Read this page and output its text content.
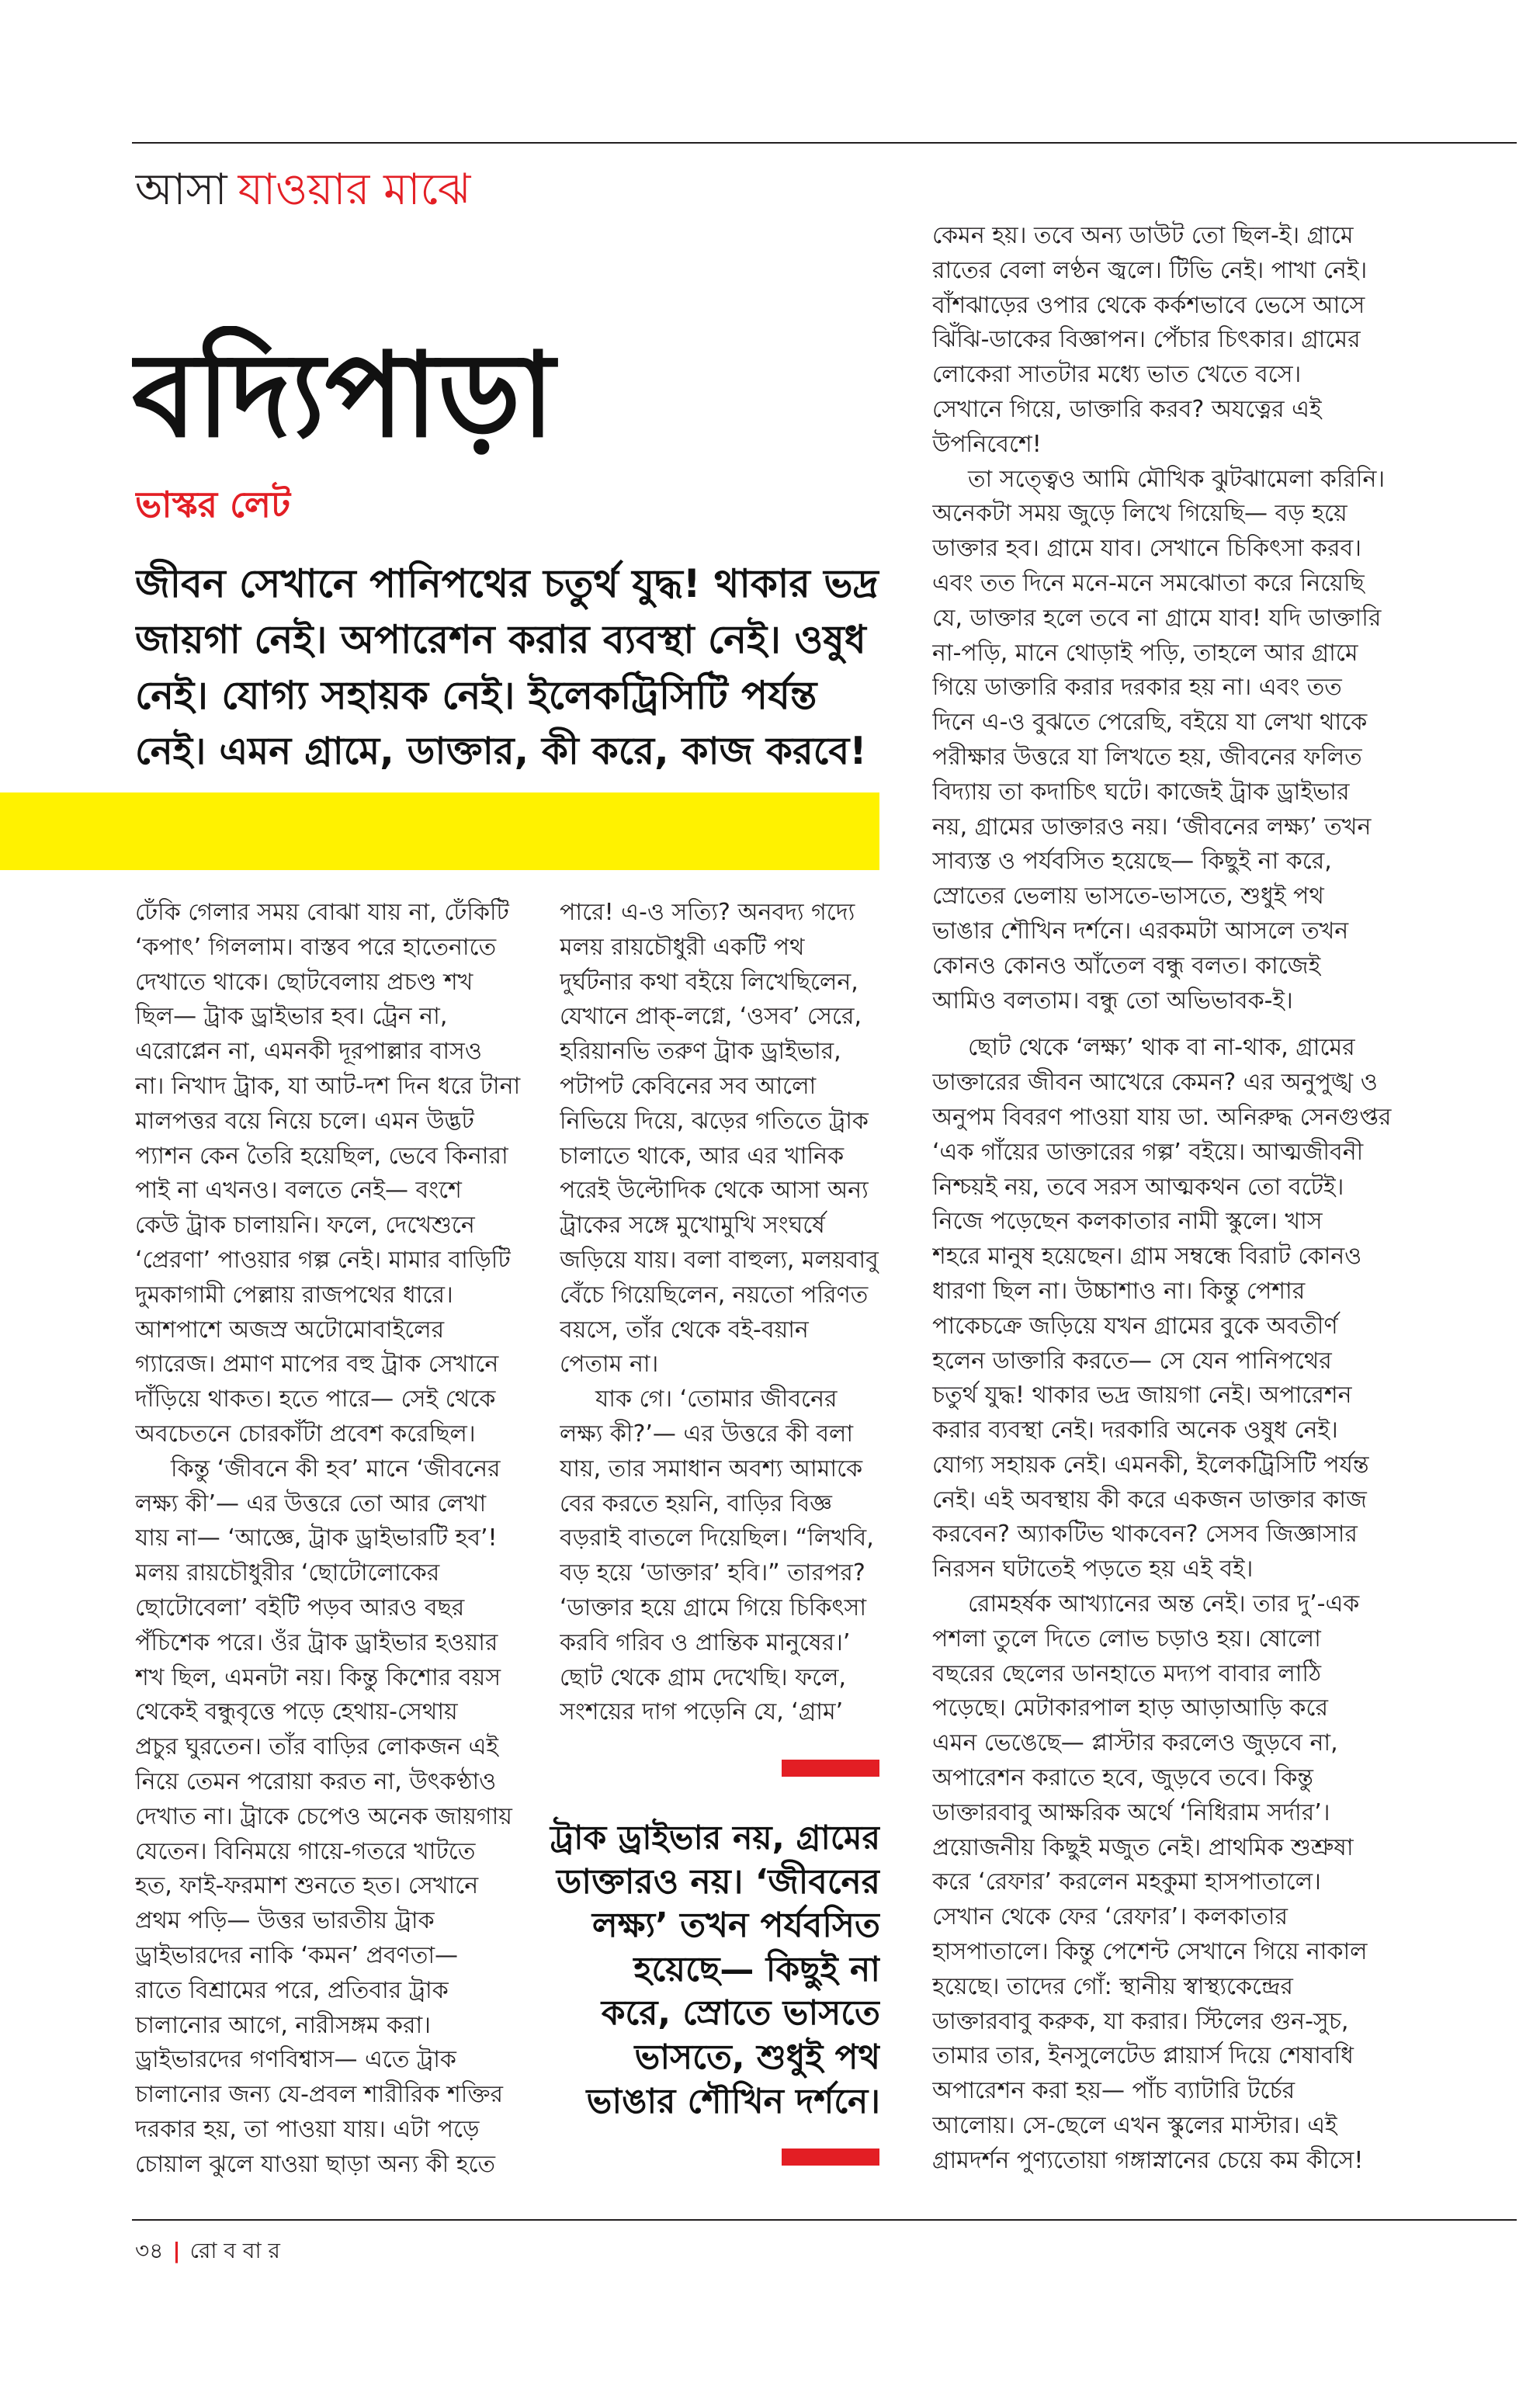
আসা যাওয়ার মাঝে
বদ্যিপাড়া
ভাস্কর লেট
জীবন সেখানে পানিপথের চতুর্থ যুদ্ধ! থাকার ভদ্র
জায়গা নেই। অপারেশন করার ব্যবস্থা নেই। ওষুধ
নেই। যোগ্য সহায়ক নেই। ইলেকট্রিসিটি পর্যন্ত
নেই। এমন গ্রামে, ডাক্তার, কী করে, কাজ করবে!
ঢেঁকি গেলার সময় বোঝা যায় না, ঢেঁকিটি
‘কপাৎ’ গিললাম। বাস্তব পরে হাতেনাতে
দেখাতে থাকে। ছোটবেলায় প্রচণ্ড শখ
ছিল— ট্রাক ড্রাইভার হব। ট্রেন না,
এরোপ্লেন না, এমনকী দূরপাল্লার বাসও
না। নিখাদ ট্রাক, যা আট-দশ দিন ধরে টানা
মালপত্তর বয়ে নিয়ে চলে। এমন উদ্ভট
প্যাশন কেন তৈরি হয়েছিল, ভেবে কিনারা
পাই না এখনও। বলতে নেই— বংশে
কেউ ট্রাক চালায়নি। ফলে, দেখেশুনে
‘প্রেরণা’ পাওয়ার গল্প নেই। মামার বাড়িটি
দুমকাগামী পেল্লায় রাজপথের ধারে।
আশপাশে অজস্র অটোমোবাইলের
গ্যারেজ। প্রমাণ মাপের বহু ট্রাক সেখানে
দাঁড়িয়ে থাকত। হতে পারে— সেই থেকে
অবচেতনে চোরকাঁটা প্রবেশ করেছিল।
কিন্তু ‘জীবনে কী হব’ মানে ‘জীবনের
লক্ষ্য কী’— এর উত্তরে তো আর লেখা
যায় না— ‘আজ্ঞে, ট্রাক ড্রাইভারটি হব’!
মলয় রায়চৌধুরীর ‘ছোটোলোকের
ছোটোবেলা’ বইটি পড়ব আরও বছর
পঁচিশেক পরে। ওঁর ট্রাক ড্রাইভার হওয়ার
শখ ছিল, এমনটা নয়। কিন্তু কিশোর বয়স
থেকেই বন্ধুবৃত্তে পড়ে হেথায়-সেথায়
প্রচুর ঘুরতেন। তাঁর বাড়ির লোকজন এই
নিয়ে তেমন পরোয়া করত না, উৎকণ্ঠাও
দেখাত না। ট্রাকে চেপেও অনেক জায়গায়
যেতেন। বিনিময়ে গায়ে-গতরে খাটতে
হত, ফাই-ফরমাশ শুনতে হত। সেখানে
প্রথম পড়ি— উত্তর ভারতীয় ট্রাক
ড্রাইভারদের নাকি ‘কমন’ প্রবণতা—
রাতে বিশ্রামের পরে, প্রতিবার ট্রাক
চালানোর আগে, নারীসঙ্গম করা।
ড্রাইভারদের গণবিশ্বাস— এতে ট্রাক
চালানোর জন্য যে-প্রবল শারীরিক শক্তির
দরকার হয়, তা পাওয়া যায়। এটা পড়ে
চোয়াল ঝুলে যাওয়া ছাড়া অন্য কী হতে
পারে! এ-ও সত্যি? অনবদ্য গদ্যে
মলয় রায়চৌধুরী একটি পথ
দুর্ঘটনার কথা বইয়ে লিখেছিলেন,
যেখানে প্রাক্-লগ্নে, ‘ওসব’ সেরে,
হরিয়ানভি তরুণ ট্রাক ড্রাইভার,
পটাপট কেবিনের সব আলো
নিভিয়ে দিয়ে, ঝড়ের গতিতে ট্রাক
চালাতে থাকে, আর এর খানিক
পরেই উল্টোদিক থেকে আসা অন্য
ট্রাকের সঙ্গে মুখোমুখি সংঘর্ষে
জড়িয়ে যায়। বলা বাহুল্য, মলয়বাবু
বেঁচে গিয়েছিলেন, নয়তো পরিণত
বয়সে, তাঁর থেকে বই-বয়ান
পেতাম না।
যাক গে। ‘তোমার জীবনের
লক্ষ্য কী?’— এর উত্তরে কী বলা
যায়, তার সমাধান অবশ্য আমাকে
বের করতে হয়নি, বাড়ির বিজ্ঞ
বড়রাই বাতলে দিয়েছিল। “লিখবি,
বড় হয়ে ‘ডাক্তার’ হবি।” তারপর?
‘ডাক্তার হয়ে গ্রামে গিয়ে চিকিৎসা
করবি গরিব ও প্রান্তিক মানুষের।’
ছোট থেকে গ্রাম দেখেছি। ফলে,
সংশয়ের দাগ পড়েনি যে, ‘গ্রাম’
কেমন হয়। তবে অন্য ডাউট তো ছিল-ই। গ্রামে
রাতের বেলা লণ্ঠন জ্বলে। টিভি নেই। পাখা নেই।
বাঁশঝাড়ের ওপার থেকে কর্কশভাবে ভেসে আসে
ঝিঁঝি-ডাকের বিজ্ঞাপন। পেঁচার চিৎকার। গ্রামের
লোকেরা সাতটার মধ্যে ভাত খেতে বসে।
সেখানে গিয়ে, ডাক্তারি করব? অযত্নের এই
উপনিবেশে!
তা সত্ত্বেও আমি মৌখিক ঝুটঝামেলা করিনি।
অনেকটা সময় জুড়ে লিখে গিয়েছি— বড় হয়ে
ডাক্তার হব। গ্রামে যাব। সেখানে চিকিৎসা করব।
এবং তত দিনে মনে-মনে সমঝোতা করে নিয়েছি
যে, ডাক্তার হলে তবে না গ্রামে যাব! যদি ডাক্তারি
না-পড়ি, মানে থোড়াই পড়ি, তাহলে আর গ্রামে
গিয়ে ডাক্তারি করার দরকার হয় না। এবং তত
দিনে এ-ও বুঝতে পেরেছি, বইয়ে যা লেখা থাকে
পরীক্ষার উত্তরে যা লিখতে হয়, জীবনের ফলিত
বিদ্যায় তা কদাচিৎ ঘটে। কাজেই ট্রাক ড্রাইভার
নয়, গ্রামের ডাক্তারও নয়। ‘জীবনের লক্ষ্য’ তখন
সাব্যস্ত ও পর্যবসিত হয়েছে— কিছুই না করে,
স্রোতের ভেলায় ভাসতে-ভাসতে, শুধুই পথ
ভাঙার শৌখিন দর্শনে। এরকমটা আসলে তখন
কোনও কোনও আঁতেল বন্ধু বলত। কাজেই
আমিও বলতাম। বন্ধু তো অভিভাবক-ই।
ছোট থেকে ‘লক্ষ্য’ থাক বা না-থাক, গ্রামের
ডাক্তারের জীবন আখেরে কেমন? এর অনুপুঙ্খ ও
অনুপম বিবরণ পাওয়া যায় ডা. অনিরুদ্ধ সেনগুপ্তর
‘এক গাঁয়ের ডাক্তারের গল্প’ বইয়ে। আত্মজীবনী
নিশ্চয়ই নয়, তবে সরস আত্মকথন তো বটেই।
নিজে পড়েছেন কলকাতার নামী স্কুলে। খাস
শহরে মানুষ হয়েছেন। গ্রাম সম্বন্ধে বিরাট কোনও
ধারণা ছিল না। উচ্চাশাও না। কিন্তু পেশার
পাকেচক্রে জড়িয়ে যখন গ্রামের বুকে অবতীর্ণ
হলেন ডাক্তারি করতে— সে যেন পানিপথের
চতুর্থ যুদ্ধ! থাকার ভদ্র জায়গা নেই। অপারেশন
করার ব্যবস্থা নেই। দরকারি অনেক ওষুধ নেই।
যোগ্য সহায়ক নেই। এমনকী, ইলেকট্রিসিটি পর্যন্ত
নেই। এই অবস্থায় কী করে একজন ডাক্তার কাজ
করবেন? অ্যাকটিভ থাকবেন? সেসব জিজ্ঞাসার
নিরসন ঘটাতেই পড়তে হয় এই বই।
রোমহর্ষক আখ্যানের অন্ত নেই। তার দু’-এক
পশলা তুলে দিতে লোভ চড়াও হয়। ষোলো
বছরের ছেলের ডানহাতে মদ্যপ বাবার লাঠি
পড়েছে। মেটাকারপাল হাড় আড়াআড়ি করে
এমন ভেঙেছে— প্লাস্টার করলেও জুড়বে না,
অপারেশন করাতে হবে, জুড়বে তবে। কিন্তু
ডাক্তারবাবু আক্ষরিক অর্থে ‘নিধিরাম সর্দার’।
প্রয়োজনীয় কিছুই মজুত নেই। প্রাথমিক শুশ্রুষা
করে ‘রেফার’ করলেন মহকুমা হাসপাতালে।
সেখান থেকে ফের ‘রেফার’। কলকাতার
হাসপাতালে। কিন্তু পেশেন্ট সেখানে গিয়ে নাকাল
হয়েছে। তাদের গোঁ: স্থানীয় স্বাস্থ্যকেন্দ্রের
ডাক্তারবাবু করুক, যা করার। স্টিলের গুন-সুচ,
তামার তার, ইনসুলেটেড প্লায়ার্স দিয়ে শেষাবধি
অপারেশন করা হয়— পাঁচ ব্যাটারি টর্চের
আলোয়। সে-ছেলে এখন স্কুলের মাস্টার। এই
গ্রামদর্শন পুণ্যতোয়া গঙ্গাস্নানের চেয়ে কম কীসে!
ট্রাক ড্রাইভার নয়, গ্রামের
ডাক্তারও নয়। ‘জীবনের
লক্ষ্য’ তখন পর্যবসিত
হয়েছে— কিছুই না
করে, স্রোতে ভাসতে
ভাসতে, শুধুই পথ
ভাঙার শৌখিন দর্শনে।
৩৪ | রো ব বা র
